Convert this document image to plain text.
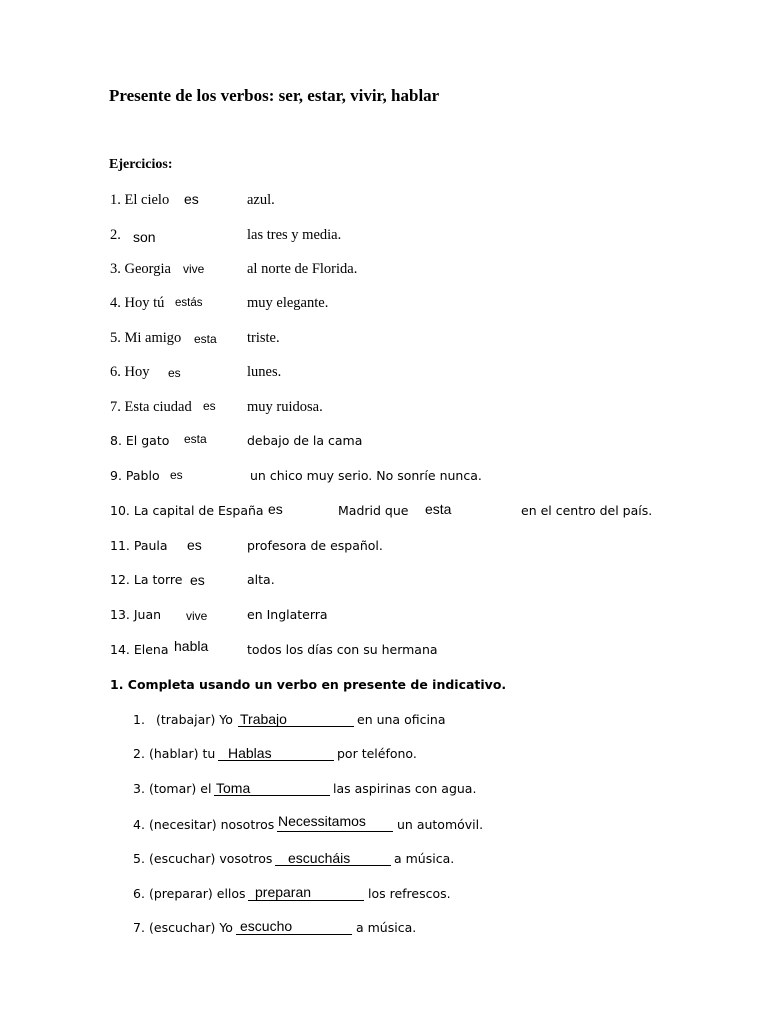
Presente de los verbos: ser, estar, vivir, hablar
Ejercicios:
1. El cielo es	azul.
2. son	las tres y media.
3. Georgia vive	al norte de Florida.
4. Hoy tú estás	muy elegante.
5. Mi amigo esta triste.
6. Hoy es	lunes.
7. Esta ciudad es muy ruidosa.
8. El gato esta	debajo de la cama
9. Pablo es	un chico muy serio. No sonríe nunca.
10. La capital de España es	Madrid que esta	en el centro del país.
11. Paula es	profesora de español.
12. La torre es	alta.
13. Juan vive	en Inglaterra
14. Elena habla	todos los días con su hermana
1. Completa usando un verbo en presente de indicativo.
1. (trabajar) Yo Trabajo	en una oficina
2. (hablar) tu Hablas	por teléfono.
3. (tomar) el Toma	las aspirinas con agua.
4. (necesitar) nosotros Necessitamos un automóvil.
5. (escuchar) vosotros escucháis	a música.
6. (preparar) ellos preparan	los refrescos.
7. (escuchar) Yo escucho	a música.
